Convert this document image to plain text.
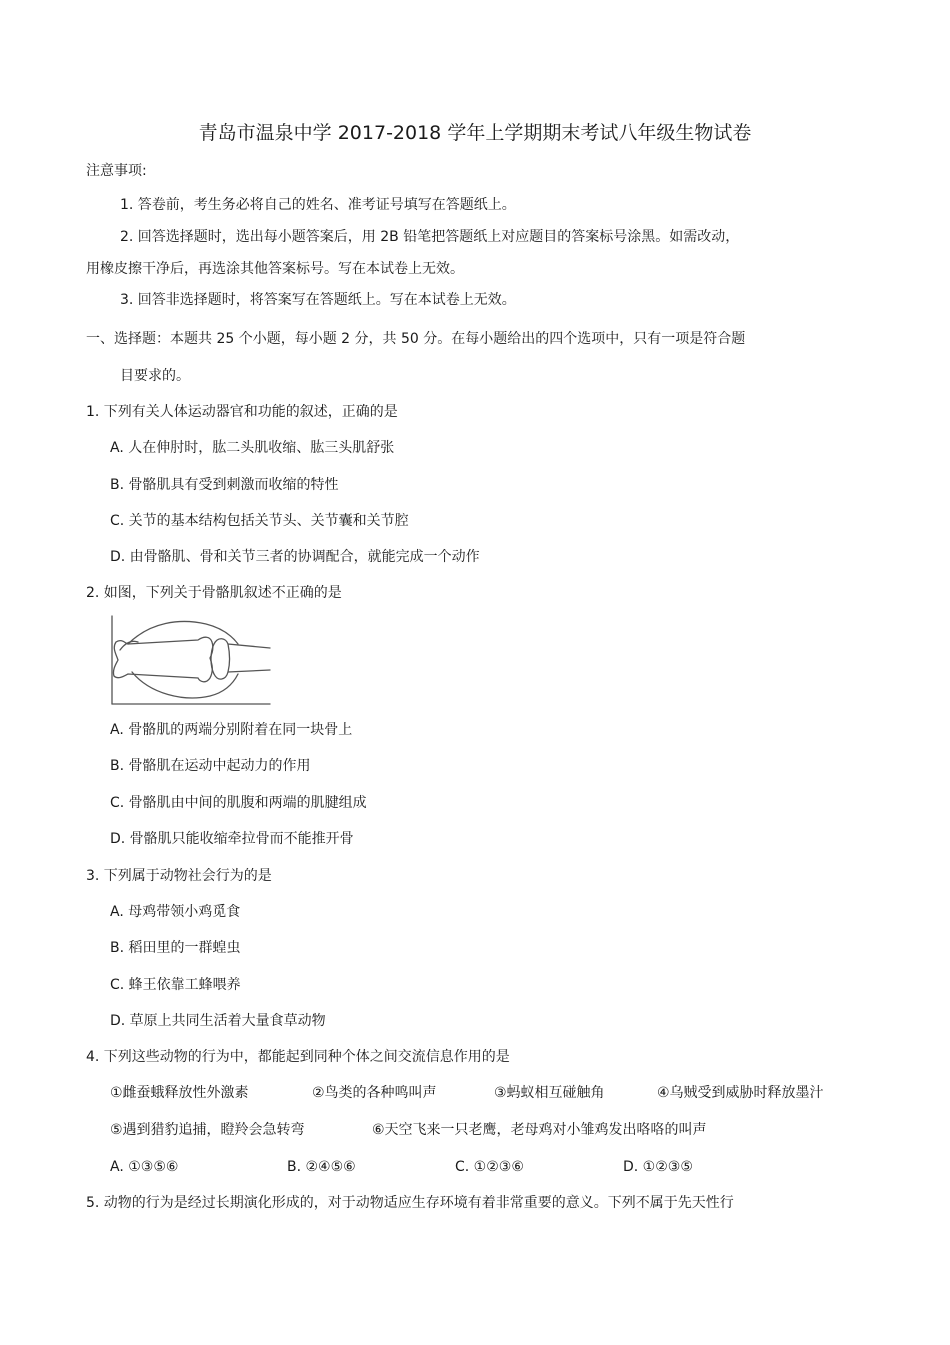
青岛市温泉中学 2017-2018 学年上学期期末考试八年级生物试卷
注意事项:
1. 答卷前，考生务必将自己的姓名、准考证号填写在答题纸上。
2. 回答选择题时，选出每小题答案后，用 2B 铅笔把答题纸上对应题目的答案标号涂黑。如需改动，
用橡皮擦干净后，再选涂其他答案标号。写在本试卷上无效。
3. 回答非选择题时，将答案写在答题纸上。写在本试卷上无效。
一、选择题：本题共 25 个小题，每小题 2 分，共 50 分。在每小题给出的四个选项中，只有一项是符合题
目要求的。
1. 下列有关人体运动器官和功能的叙述，正确的是
A. 人在伸肘时，肱二头肌收缩、肱三头肌舒张
B. 骨骼肌具有受到刺激而收缩的特性
C. 关节的基本结构包括关节头、关节囊和关节腔
D. 由骨骼肌、骨和关节三者的协调配合，就能完成一个动作
2. 如图，下列关于骨骼肌叙述不正确的是
A. 骨骼肌的两端分别附着在同一块骨上
B. 骨骼肌在运动中起动力的作用
C. 骨骼肌由中间的肌腹和两端的肌腱组成
D. 骨骼肌只能收缩牵拉骨而不能推开骨
3. 下列属于动物社会行为的是
A. 母鸡带领小鸡觅食
B. 稻田里的一群蝗虫
C. 蜂王依靠工蜂喂养
D. 草原上共同生活着大量食草动物
4. 下列这些动物的行为中，都能起到同种个体之间交流信息作用的是
①雌蚕蛾释放性外激素	②鸟类的各种鸣叫声	③蚂蚁相互碰触角	④乌贼受到威胁时释放墨汁
⑤遇到猎豹追捕，瞪羚会急转弯	⑥天空飞来一只老鹰，老母鸡对小雏鸡发出咯咯的叫声
A. ①③⑤⑥	B. ②④⑤⑥	C. ①②③⑥	D. ①②③⑤
5. 动物的行为是经过长期演化形成的，对于动物适应生存环境有着非常重要的意义。下列不属于先天性行
